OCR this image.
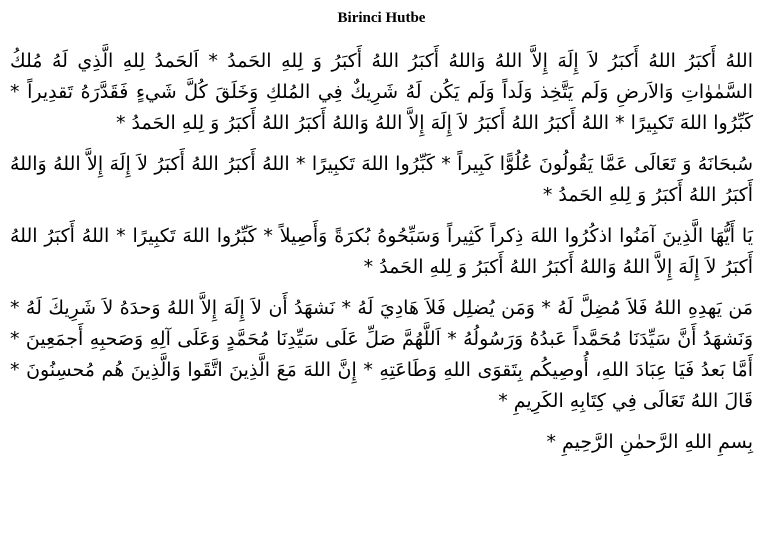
Birinci Hutbe
اللهُ أَكبَرُ اللهُ أَكبَرُ لاَ إِلَهَ إِلاَّ اللهُ وَاللهُ أَكبَرُ اللهُ أَكبَرُ وَ لِلهِ الحَمدُ * اَلحَمدُ لِلهِ الَّذِي لَهُ مُلكُ السَّمٰوٰاتِ وَالاَرضِ وَلَم يَتَّخِذ وَلَداً وَلَم يَكُن لَهُ شَرِيكٌ فِي المُلكِ وَخَلَقَ كُلَّ شَيءٍ فَقَدَّرَهُ تَقدِيراً * كَبِّرُوا اللهَ تَكبِيرًا * اللهُ أَكبَرُ اللهُ أَكبَرُ لاَ إِلَهَ إِلاَّ اللهُ وَاللهُ أَكبَرُ اللهُ أَكبَرُ وَ لِلهِ الحَمدُ *
سُبحَانَهُ وَ تَعَالَى عَمَّا يَقُولُونَ عُلُوًّا كَبِيراً * كَبِّرُوا اللهَ تَكبِيرًا * اللهُ أَكبَرُ اللهُ أَكبَرُ لاَ إِلَهَ إِلاَّ اللهُ وَاللهُ أَكبَرُ اللهُ أَكبَرُ وَ لِلهِ الحَمدُ *
يَا أَيُّهَا الَّذِينَ آمَنُوا اذكُرُوا اللهَ ذِكراً كَثِيراً وَسَبِّحُوهُ بُكرَةً وَأَصِيلاً * كَبِّرُوا اللهَ تَكبِيرًا * اللهُ أَكبَرُ اللهُ أَكبَرُ لاَ إِلَهَ إِلاَّ اللهُ وَاللهُ أَكبَرُ اللهُ أَكبَرُ وَ لِلهِ الحَمدُ *
مَن يَهدِهِ اللهُ فَلاَ مُضِلَّ لَهُ * وَمَن يُضلِل فَلاَ هَادِيَ لَهُ * نَشهَدُ أَن لاَ إِلَهَ إِلاَّ اللهُ وَحدَهُ لاَ شَرِيكَ لَهُ * وَنَشهَدُ أَنَّ سَيِّدَنَا مُحَمَّداً عَبدُهُ وَرَسُولُهُ * اَللَّهُمَّ صَلِّ عَلَى سَيِّدِنَا مُحَمَّدٍ وَعَلَى آلِهِ وَصَحبِهِ أَجمَعِينَ * أَمَّا بَعدُ فَيَا عِبَادَ اللهِ، أُوصِيكُم بِتَقوَى اللهِ وَطَاعَتِهِ * إِنَّ اللهَ مَعَ الَّذِينَ اتَّقَوا وَالَّذِينَ هُم مُحسِنُونَ * قَالَ اللهُ تَعَالَى فِي كِتَابِهِ الكَرِيمِ *
بِسمِ اللهِ الرَّحمٰنِ الرَّحِيمِ *
